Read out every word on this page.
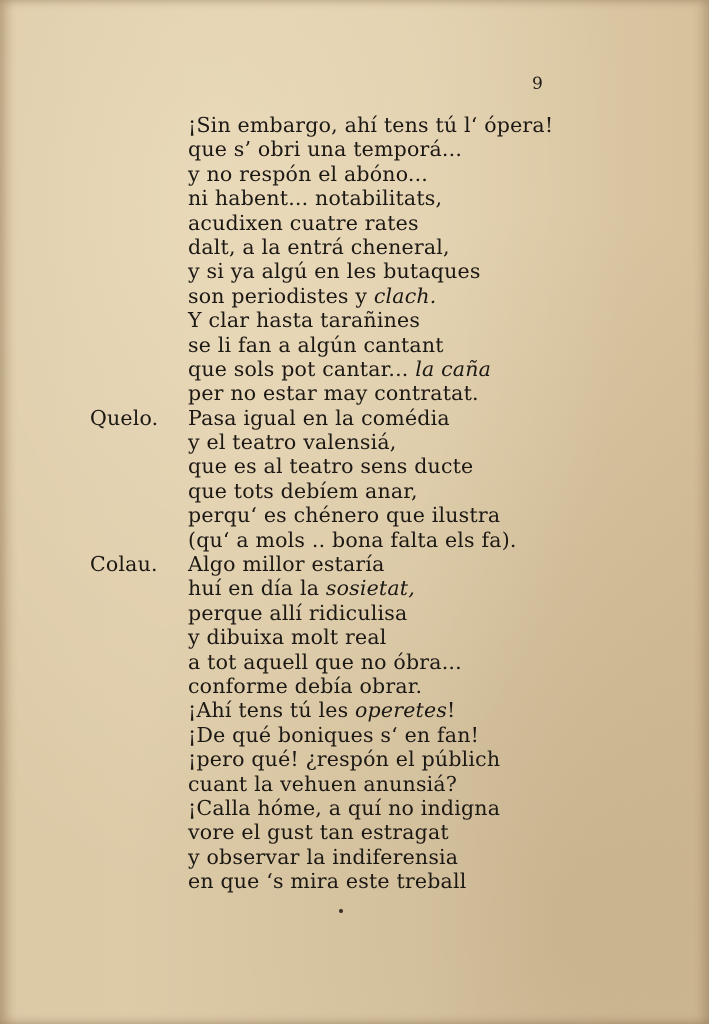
9
¡Sin embargo, ahí tens tú l‘ ópera!
que s’ obri una temporá...
y no respón el abóno...
ni habent... notabilitats,
acudixen cuatre rates
dalt, a la entrá cheneral,
y si ya algú en les butaques
son periodistes y clach.
Y clar hasta tarañines
se li fan a algún cantant
que sols pot cantar... la caña
per no estar may contratat.
Quelo. Pasa igual en la comédia
y el teatro valensiá,
que es al teatro sens ducte
que tots debíem anar,
perqu‘ es chénero que ilustra
(qu‘ a mols .. bona falta els fa).
Colau. Algo millor estaría
huí en día la sosietat,
perque allí ridiculisa
y dibuixa molt real
a tot aquell que no óbra...
conforme debía obrar.
¡Ahí tens tú les operetes!
¡De qué boniques s‘ en fan!
¡pero qué! ¿respón el públich
cuant la vehuen anunsiá?
¡Calla hóme, a quí no indigna
vore el gust tan estragat
y observar la indiferensia
en que ‘s mira este treball
